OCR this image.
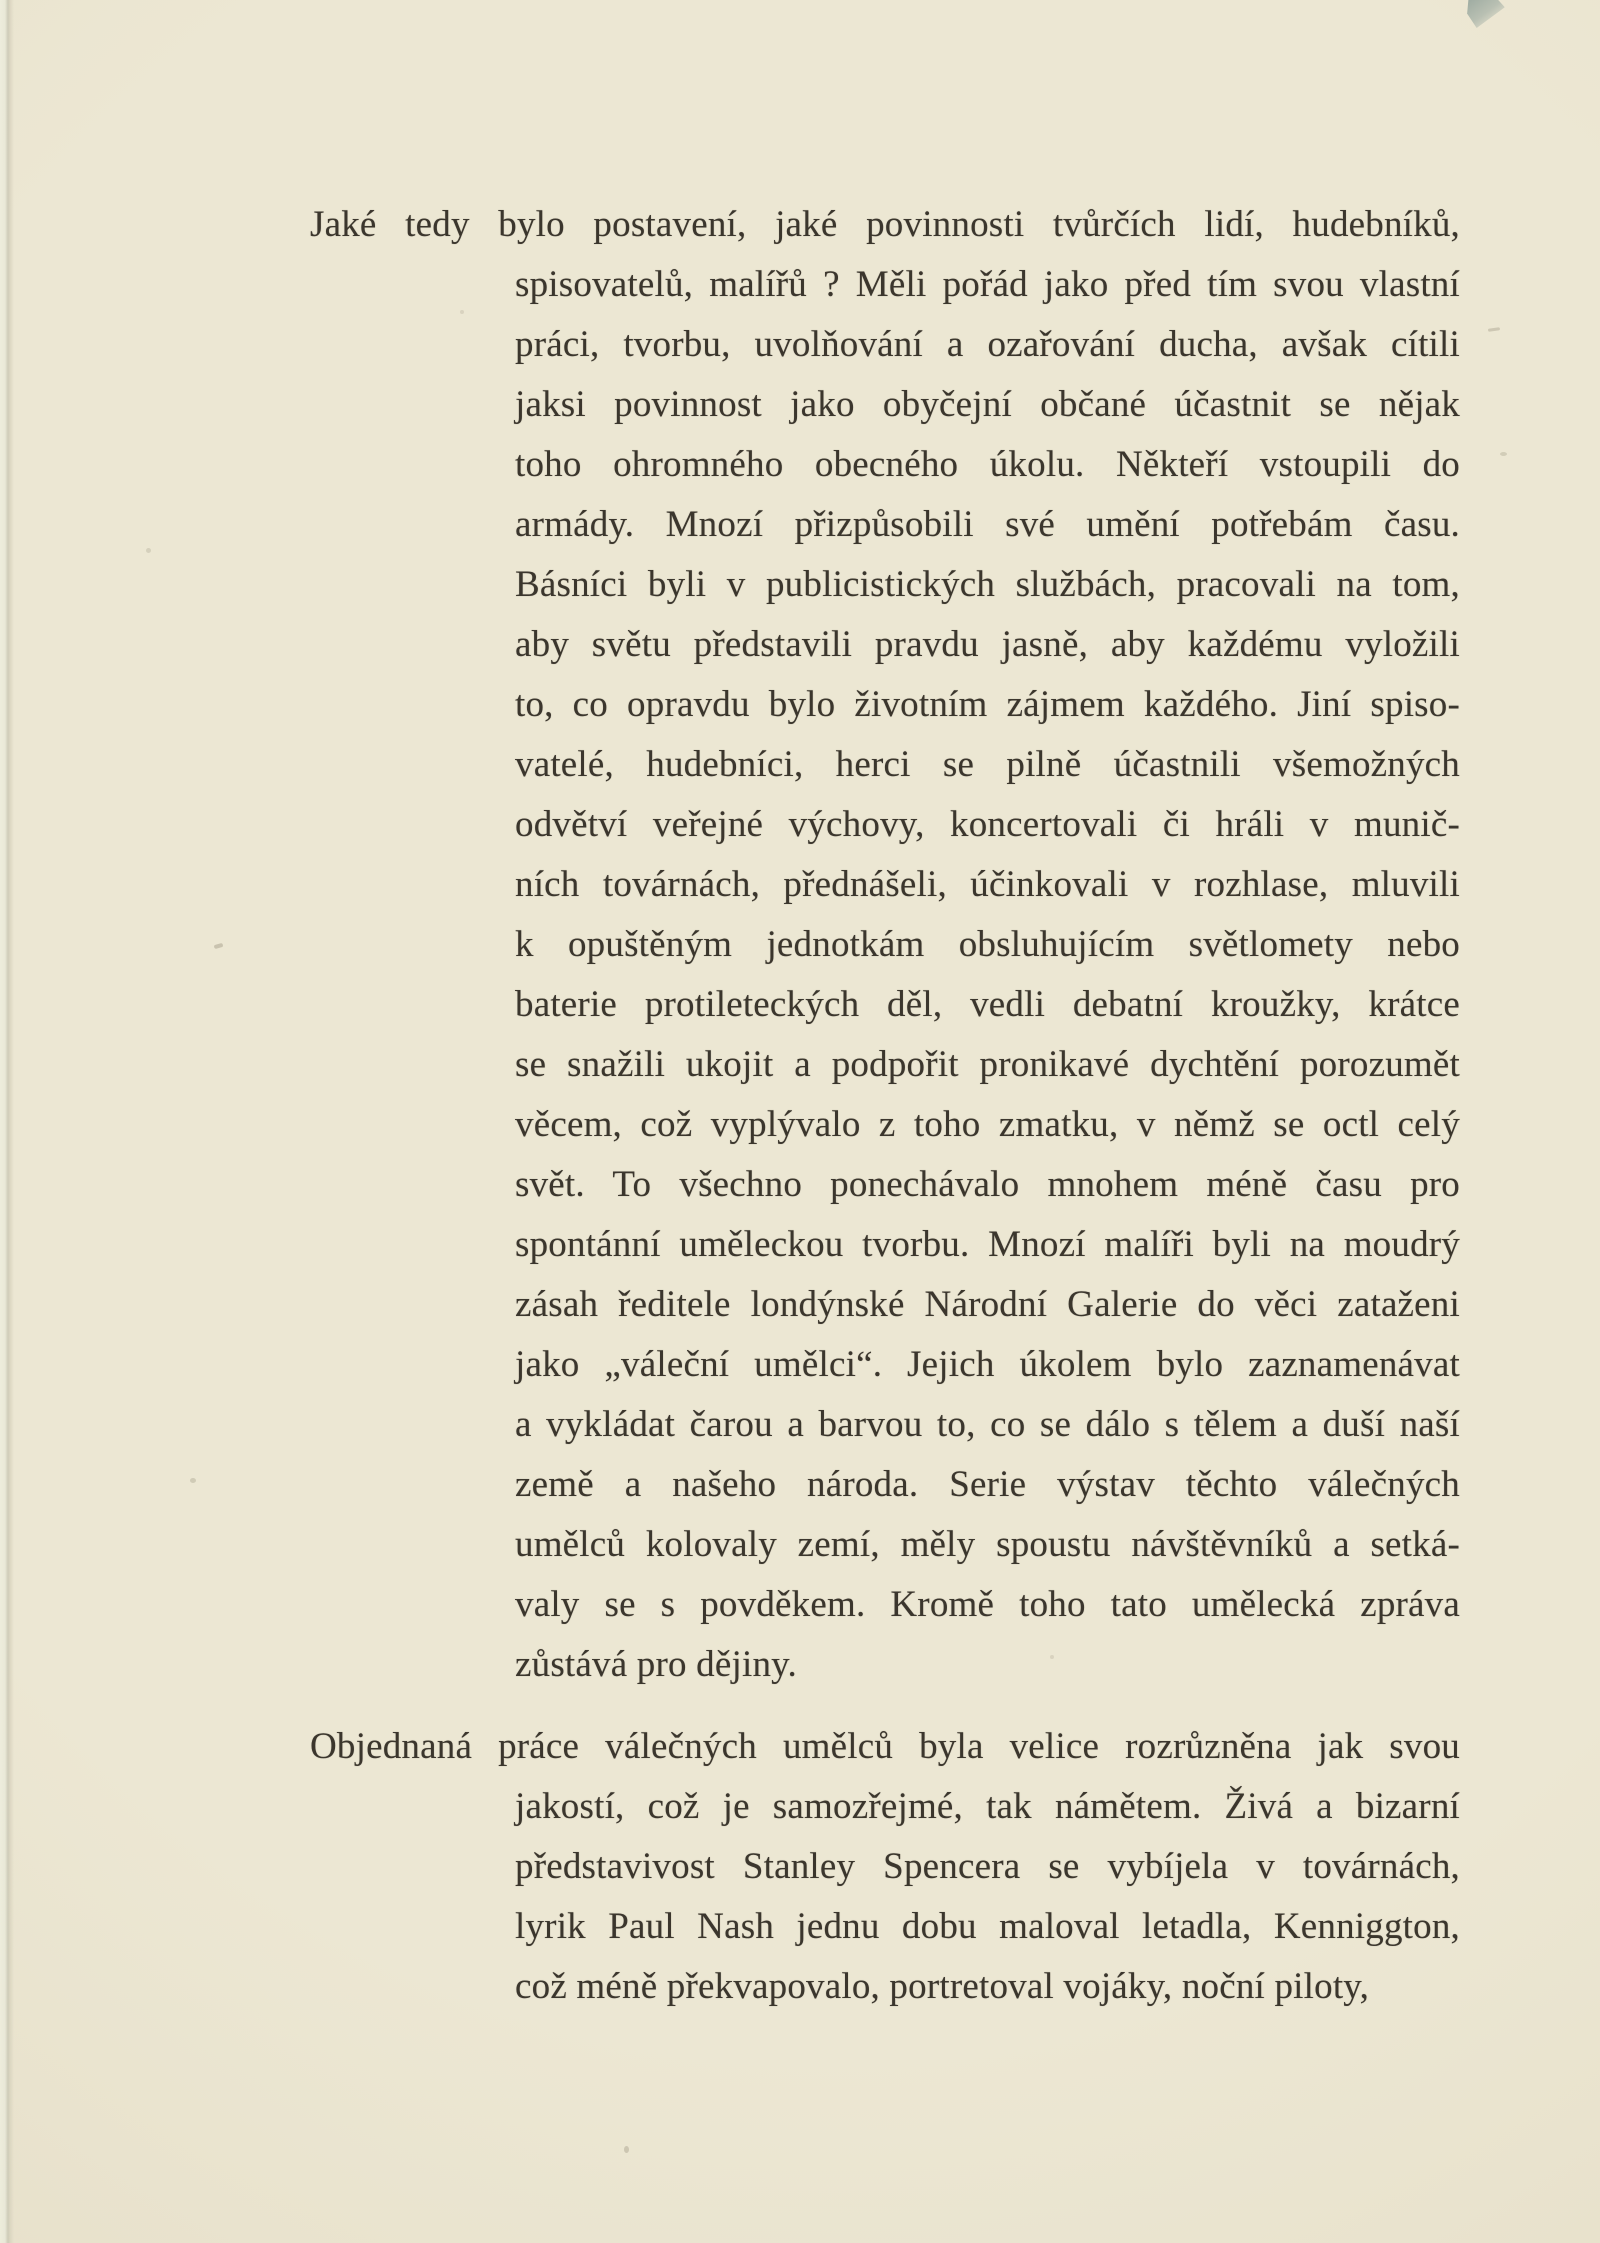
Jaké tedy bylo postavení, jaké povinnosti tvůrčích lidí, hudebníků,
spisovatelů, malířů ? Měli pořád jako před tím svou vlastní
práci, tvorbu, uvolňování a ozařování ducha, avšak cítili
jaksi povinnost jako obyčejní občané účastnit se nějak
toho ohromného obecného úkolu. Někteří vstoupili do
armády. Mnozí přizpůsobili své umění potřebám času.
Básníci byli v publicistických službách, pracovali na tom,
aby světu představili pravdu jasně, aby každému vyložili
to, co opravdu bylo životním zájmem každého. Jiní spiso-
vatelé, hudebníci, herci se pilně účastnili všemožných
odvětví veřejné výchovy, koncertovali či hráli v munič-
ních továrnách, přednášeli, účinkovali v rozhlase, mluvili
k opuštěným jednotkám obsluhujícím světlomety nebo
baterie protileteckých děl, vedli debatní kroužky, krátce
se snažili ukojit a podpořit pronikavé dychtění porozumět
věcem, což vyplývalo z toho zmatku, v němž se octl celý
svět. To všechno ponechávalo mnohem méně času pro
spontánní uměleckou tvorbu. Mnozí malíři byli na moudrý
zásah ředitele londýnské Národní Galerie do věci zataženi
jako „váleční umělci“. Jejich úkolem bylo zaznamenávat
a vykládat čarou a barvou to, co se dálo s tělem a duší naší
země a našeho národa. Serie výstav těchto válečných
umělců kolovaly zemí, měly spoustu návštěvníků a setká-
valy se s povděkem. Kromě toho tato umělecká zpráva
zůstává pro dějiny.
Objednaná práce válečných umělců byla velice rozrůzněna jak svou
jakostí, což je samozřejmé, tak námětem. Živá a bizarní
představivost Stanley Spencera se vybíjela v továrnách,
lyrik Paul Nash jednu dobu maloval letadla, Kenniggton,
což méně překvapovalo, portretoval vojáky, noční piloty,
